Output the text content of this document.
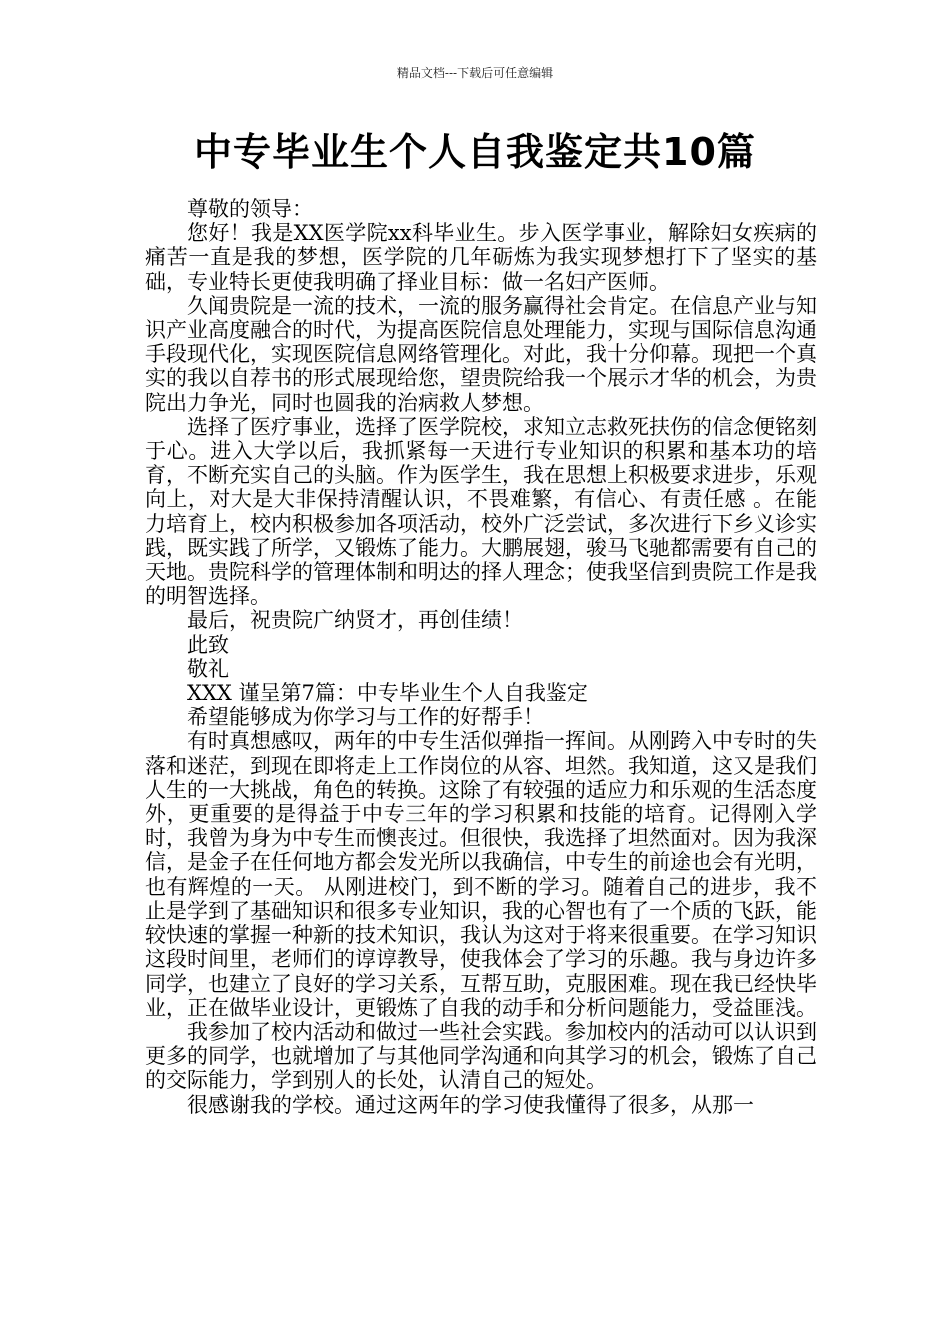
精品文档---下载后可任意编辑
中专毕业生个人自我鉴定共10篇

尊敬的领导：

您好！我是XX医学院xx科毕业生。步入医学事业，解除妇女疾病的痛苦一直是我的梦想，医学院的几年砺炼为我实现梦想打下了坚实的基础，专业特长更使我明确了择业目标：做一名妇产医师。

久闻贵院是一流的技术，一流的服务赢得社会肯定。在信息产业与知识产业高度融合的时代，为提高医院信息处理能力，实现与国际信息沟通手段现代化，实现医院信息网络管理化。对此，我十分仰幕。现把一个真实的我以自荐书的形式展现给您，望贵院给我一个展示才华的机会，为贵院出力争光，同时也圆我的治病救人梦想。

选择了医疗事业，选择了医学院校，求知立志救死扶伤的信念便铭刻于心。进入大学以后，我抓紧每一天进行专业知识的积累和基本功的培育，不断充实自己的头脑。作为医学生，我在思想上积极要求进步，乐观向上，对大是大非保持清醒认识，不畏难繁，有信心、有责任感 。在能力培育上，校内积极参加各项活动，校外广泛尝试，多次进行下乡义诊实践，既实践了所学，又锻炼了能力。大鹏展翅，骏马飞驰都需要有自己的天地。贵院科学的管理体制和明达的择人理念；使我坚信到贵院工作是我的明智选择。

最后，祝贵院广纳贤才，再创佳绩！

此致

敬礼

XXX 谨呈第7篇：中专毕业生个人自我鉴定

希望能够成为你学习与工作的好帮手！

有时真想感叹，两年的中专生活似弹指一挥间。从刚跨入中专时的失落和迷茫，到现在即将走上工作岗位的从容、坦然。我知道，这又是我们人生的一大挑战，角色的转换。这除了有较强的适应力和乐观的生活态度外，更重要的是得益于中专三年的学习积累和技能的培育。记得刚入学时，我曾为身为中专生而懊丧过。但很快，我选择了坦然面对。因为我深信，是金子在任何地方都会发光所以我确信，中专生的前途也会有光明，也有辉煌的一天。 从刚进校门，到不断的学习。随着自己的进步，我不止是学到了基础知识和很多专业知识，我的心智也有了一个质的飞跃，能较快速的掌握一种新的技术知识，我认为这对于将来很重要。在学习知识这段时间里，老师们的谆谆教导，使我体会了学习的乐趣。我与身边许多同学，也建立了良好的学习关系，互帮互助，克服困难。现在我已经快毕业，正在做毕业设计，更锻炼了自我的动手和分析问题能力，受益匪浅。

我参加了校内活动和做过一些社会实践。参加校内的活动可以认识到更多的同学，也就增加了与其他同学沟通和向其学习的机会，锻炼了自己的交际能力，学到别人的长处，认清自己的短处。

很感谢我的学校。通过这两年的学习使我懂得了很多，从那一
